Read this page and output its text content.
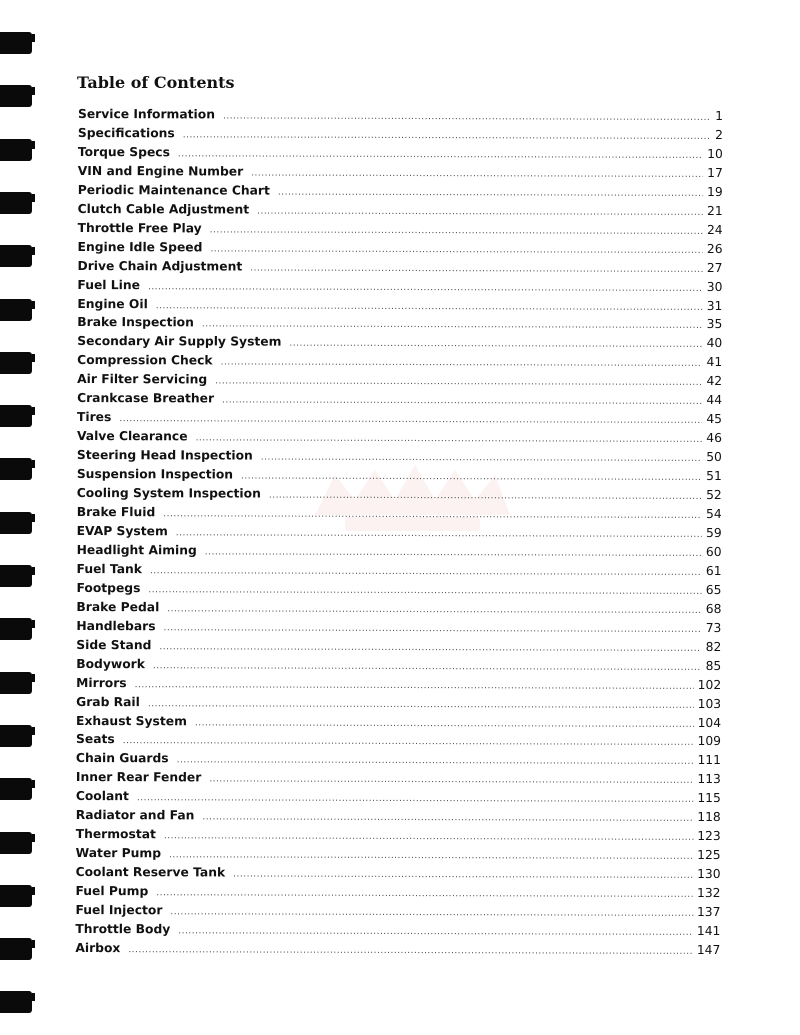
Table of Contents
Service Information .....	1
Specifications .....	2
Torque Specs .....	10
VIN and Engine Number .....	17
Periodic Maintenance Chart .....	19
Clutch Cable Adjustment .....	21
Throttle Free Play .....	24
Engine Idle Speed .....	26
Drive Chain Adjustment .....	27
Fuel Line .....	30
Engine Oil .....	31
Brake Inspection .....	35
Secondary Air Supply System .....	40
Compression Check .....	41
Air Filter Servicing .....	42
Crankcase Breather .....	44
Tires .....	45
Valve Clearance .....	46
Steering Head Inspection .....	50
Suspension Inspection .....	51
Cooling System Inspection .....	52
Brake Fluid .....	54
EVAP System .....	59
Headlight Aiming .....	60
Fuel Tank .....	61
Footpegs .....	65
Brake Pedal .....	68
Handlebars .....	73
Side Stand .....	82
Bodywork .....	85
Mirrors .....	102
Grab Rail .....	103
Exhaust System .....	104
Seats .....	109
Chain Guards .....	111
Inner Rear Fender .....	113
Coolant .....	115
Radiator and Fan .....	118
Thermostat .....	123
Water Pump .....	125
Coolant Reserve Tank .....	130
Fuel Pump .....	132
Fuel Injector .....	137
Throttle Body .....	141
Airbox .....	147
